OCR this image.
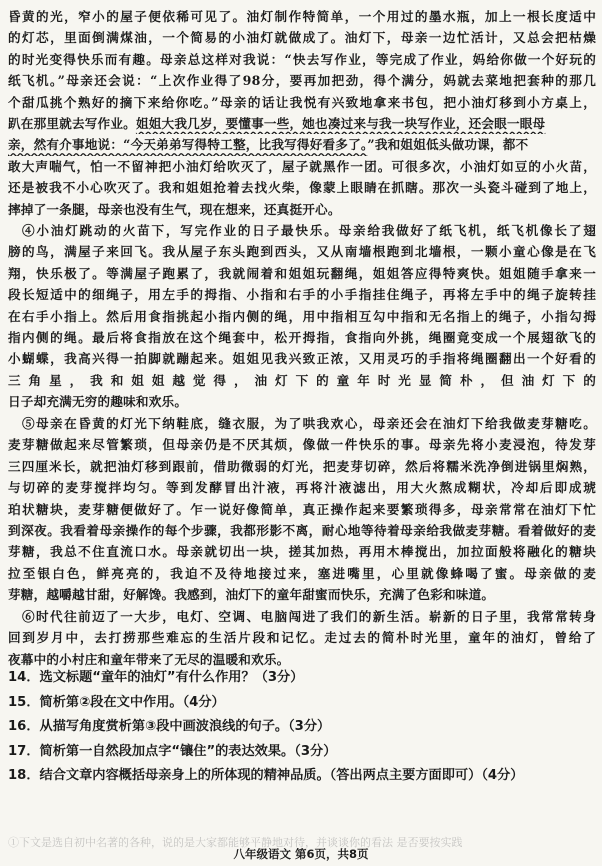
昏黄的光，窄小的屋子便依稀可见了。油灯制作特简单，一个用过的墨水瓶，加上一根长度适中
的灯芯，里面倒满煤油，一个简易的小油灯就做成了。油灯下，母亲一边忙活计，又总会把枯燥
的时光变得快乐而有趣。母亲总这样对我说：“快去写作业，等完成了作业，妈给你做一个好玩的
纸飞机。”母亲还会说：“上次作业得了98分，要再加把劲，得个满分，妈就去菜地把套种的那几
个甜瓜挑个熟好的摘下来给你吃。”母亲的话让我悦有兴致地拿来书包，把小油灯移到小方桌上，
趴在那里就去写作业。姐姐大我几岁，要懂事一些，她也凑过来与我一块写作业，还会眼一眼母
亲，然有介事地说：“今天弟弟写得特工整，比我写得好看多了。”我和姐姐低头做功课，都不
敢大声喘气，怕一不留神把小油灯给吹灭了，屋子就黑作一团。可很多次，小油灯如豆的小火苗，
还是被我不小心吹灭了。我和姐姐抢着去找火柴，像蒙上眼睛在抓瞎。那次一头瓷斗碰到了地上，
摔掉了一条腿，母亲也没有生气，现在想来，还真挺开心。
④小油灯跳动的火苗下，写完作业的日子最快乐。母亲给我做好了纸飞机，纸飞机像长了翅
膀的鸟，满屋子来回飞。我从屋子东头跑到西头，又从南墙根跑到北墙根，一颗小童心像是在飞
翔，快乐极了。等满屋子跑累了，我就闹着和姐姐玩翻绳，姐姐答应得特爽快。姐姐随手拿来一
段长短适中的细绳子，用左手的拇指、小指和右手的小手指挂住绳子，再将左手中的绳子旋转挂
在右手小指上。然后用食指挑起小指内侧的绳，用中指相互勾中指和无名指上的绳子，小指勾拇
指内侧的绳。最后将食指放在这个绳套中，松开拇指，食指向外挑，绳圈竟变成一个展翅欲飞的
小蝴蝶，我高兴得一拍脚就蹦起来。姐姐见我兴致正浓，又用灵巧的手指将绳圈翻出一个好看的
三角星，我和姐姐越觉得，油灯下的童年时光显简朴，但油灯下的
日子却充满无穷的趣味和欢乐。
⑤母亲在昏黄的灯光下纳鞋底，缝衣服，为了哄我欢心，母亲还会在油灯下给我做麦芽糖吃。
麦芽糖做起来尽管繁琐，但母亲仍是不厌其烦，像做一件快乐的事。母亲先将小麦浸泡，待发芽
三四厘米长，就把油灯移到跟前，借助微弱的灯光，把麦芽切碎，然后将糯米洗净倒进锅里焖熟，
与切碎的麦芽搅拌均匀。等到发酵冒出汁液，再将汁液滤出，用大火熬成糊状，冷却后即成琥
珀状糖块，麦芽糖便做好了。乍一说好像简单，真正操作起来要繁琐得多，母亲常常在油灯下忙
到深夜。我看着母亲操作的每个步骤，我都形影不离，耐心地等待着母亲给我做麦芽糖。看着做好的麦
芽糖，我总不住直流口水。母亲就切出一块，搓其加热，再用木棒搅出，加拉面般将融化的糖块
拉至银白色，鲜亮亮的，我迫不及待地接过来，塞进嘴里，心里就像蜂喝了蜜。母亲做的麦
芽糖，越嚼越甘甜，好解馋。我感到，油灯下的童年甜蜜而快乐，充满了色彩和味道。
⑥时代往前迈了一大步，电灯、空调、电脑闯进了我们的新生活。崭新的日子里，我常常转身
回到岁月中，去打捞那些难忘的生活片段和记忆。走过去的简朴时光里，童年的油灯，曾给了
夜幕中的小村庄和童年带来了无尽的温暖和欢乐。
14．选文标题“童年的油灯”有什么作用？（3分）
15．简析第②段在文中作用。（4分）
16．从描写角度赏析第③段中画波浪线的句子。（3分）
17．简析第一自然段加点字“镶住”的表达效果。（3分）
18．结合文章内容概括母亲身上的所体现的精神品质。（答出两点主要方面即可）（4分）
①下文是选自初中名著的各种，说的是大家都能够平静地对待，并谈谈你的看法 是否要按实践
八年级语文 第6页，共8页
